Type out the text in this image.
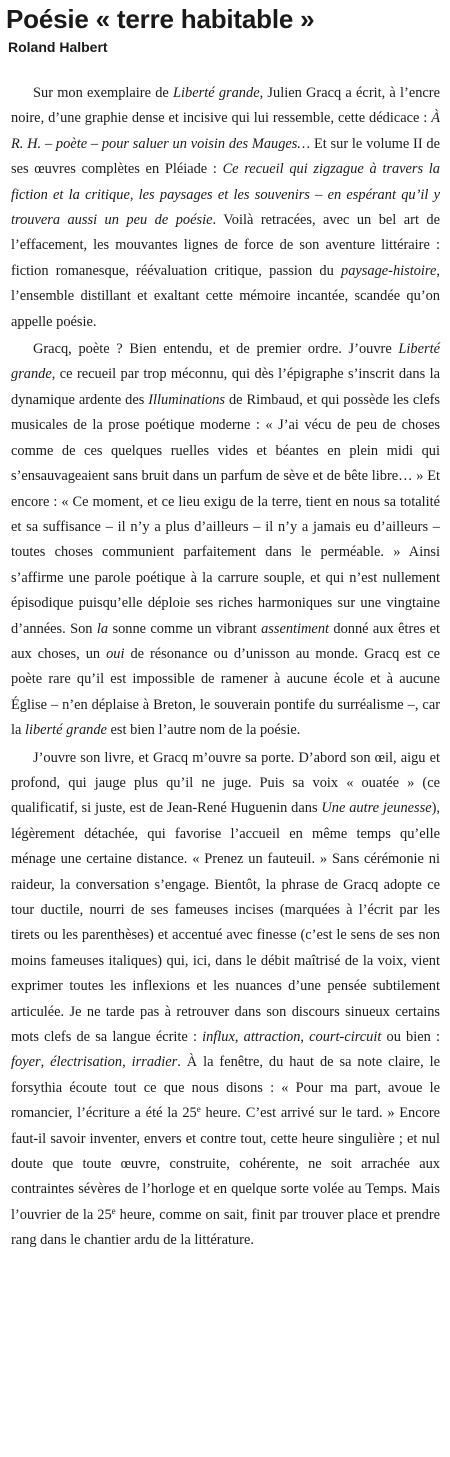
Poésie « terre habitable »
Roland Halbert

Sur mon exemplaire de Liberté grande, Julien Gracq a écrit, à l’encre noire, d’une graphie dense et incisive qui lui ressemble, cette dédicace : À R. H. – poète – pour saluer un voisin des Mauges… Et sur le volume II de ses œuvres complètes en Pléiade : Ce recueil qui zigzague à travers la fiction et la critique, les paysages et les souvenirs – en espérant qu’il y trouvera aussi un peu de poésie. Voilà retracées, avec un bel art de l’effacement, les mouvantes lignes de force de son aventure littéraire : fiction romanesque, réévaluation critique, passion du paysage-histoire, l’ensemble distillant et exaltant cette mémoire incantée, scandée qu’on appelle poésie.

Gracq, poète ? Bien entendu, et de premier ordre. J’ouvre Liberté grande, ce recueil par trop méconnu, qui dès l’épigraphe s’inscrit dans la dynamique ardente des Illuminations de Rimbaud, et qui possède les clefs musicales de la prose poétique moderne : « J’ai vécu de peu de choses comme de ces quelques ruelles vides et béantes en plein midi qui s’ensauvageaient sans bruit dans un parfum de sève et de bête libre… » Et encore : « Ce moment, et ce lieu exigu de la terre, tient en nous sa totalité et sa suffisance – il n’y a plus d’ailleurs – il n’y a jamais eu d’ailleurs – toutes choses communient parfaitement dans le perméable. » Ainsi s’affirme une parole poétique à la carrure souple, et qui n’est nullement épisodique puisqu’elle déploie ses riches harmoniques sur une vingtaine d’années. Son la sonne comme un vibrant assentiment donné aux êtres et aux choses, un oui de résonance ou d’unisson au monde. Gracq est ce poète rare qu’il est impossible de ramener à aucune école et à aucune Église – n’en déplaise à Breton, le souverain pontife du surréalisme –, car la liberté grande est bien l’autre nom de la poésie.

J’ouvre son livre, et Gracq m’ouvre sa porte. D’abord son œil, aigu et profond, qui jauge plus qu’il ne juge. Puis sa voix « ouatée » (ce qualificatif, si juste, est de Jean-René Huguenin dans Une autre jeunesse), légèrement détachée, qui favorise l’accueil en même temps qu’elle ménage une certaine distance. « Prenez un fauteuil. » Sans cérémonie ni raideur, la conversation s’engage. Bientôt, la phrase de Gracq adopte ce tour ductile, nourri de ses fameuses incises (marquées à l’écrit par les tirets ou les parenthèses) et accentué avec finesse (c’est le sens de ses non moins fameuses italiques) qui, ici, dans le débit maîtrisé de la voix, vient exprimer toutes les inflexions et les nuances d’une pensée subtilement articulée. Je ne tarde pas à retrouver dans son discours sinueux certains mots clefs de sa langue écrite : influx, attraction, court-circuit ou bien : foyer, électrisation, irradier. À la fenêtre, du haut de sa note claire, le forsythia écoute tout ce que nous disons : « Pour ma part, avoue le romancier, l’écriture a été la 25e heure. C’est arrivé sur le tard. » Encore faut-il savoir inventer, envers et contre tout, cette heure singulière ; et nul doute que toute œuvre, construite, cohérente, ne soit arrachée aux contraintes sévères de l’horloge et en quelque sorte volée au Temps. Mais l’ouvrier de la 25e heure, comme on sait, finit par trouver place et prendre rang dans le chantier ardu de la littérature.
